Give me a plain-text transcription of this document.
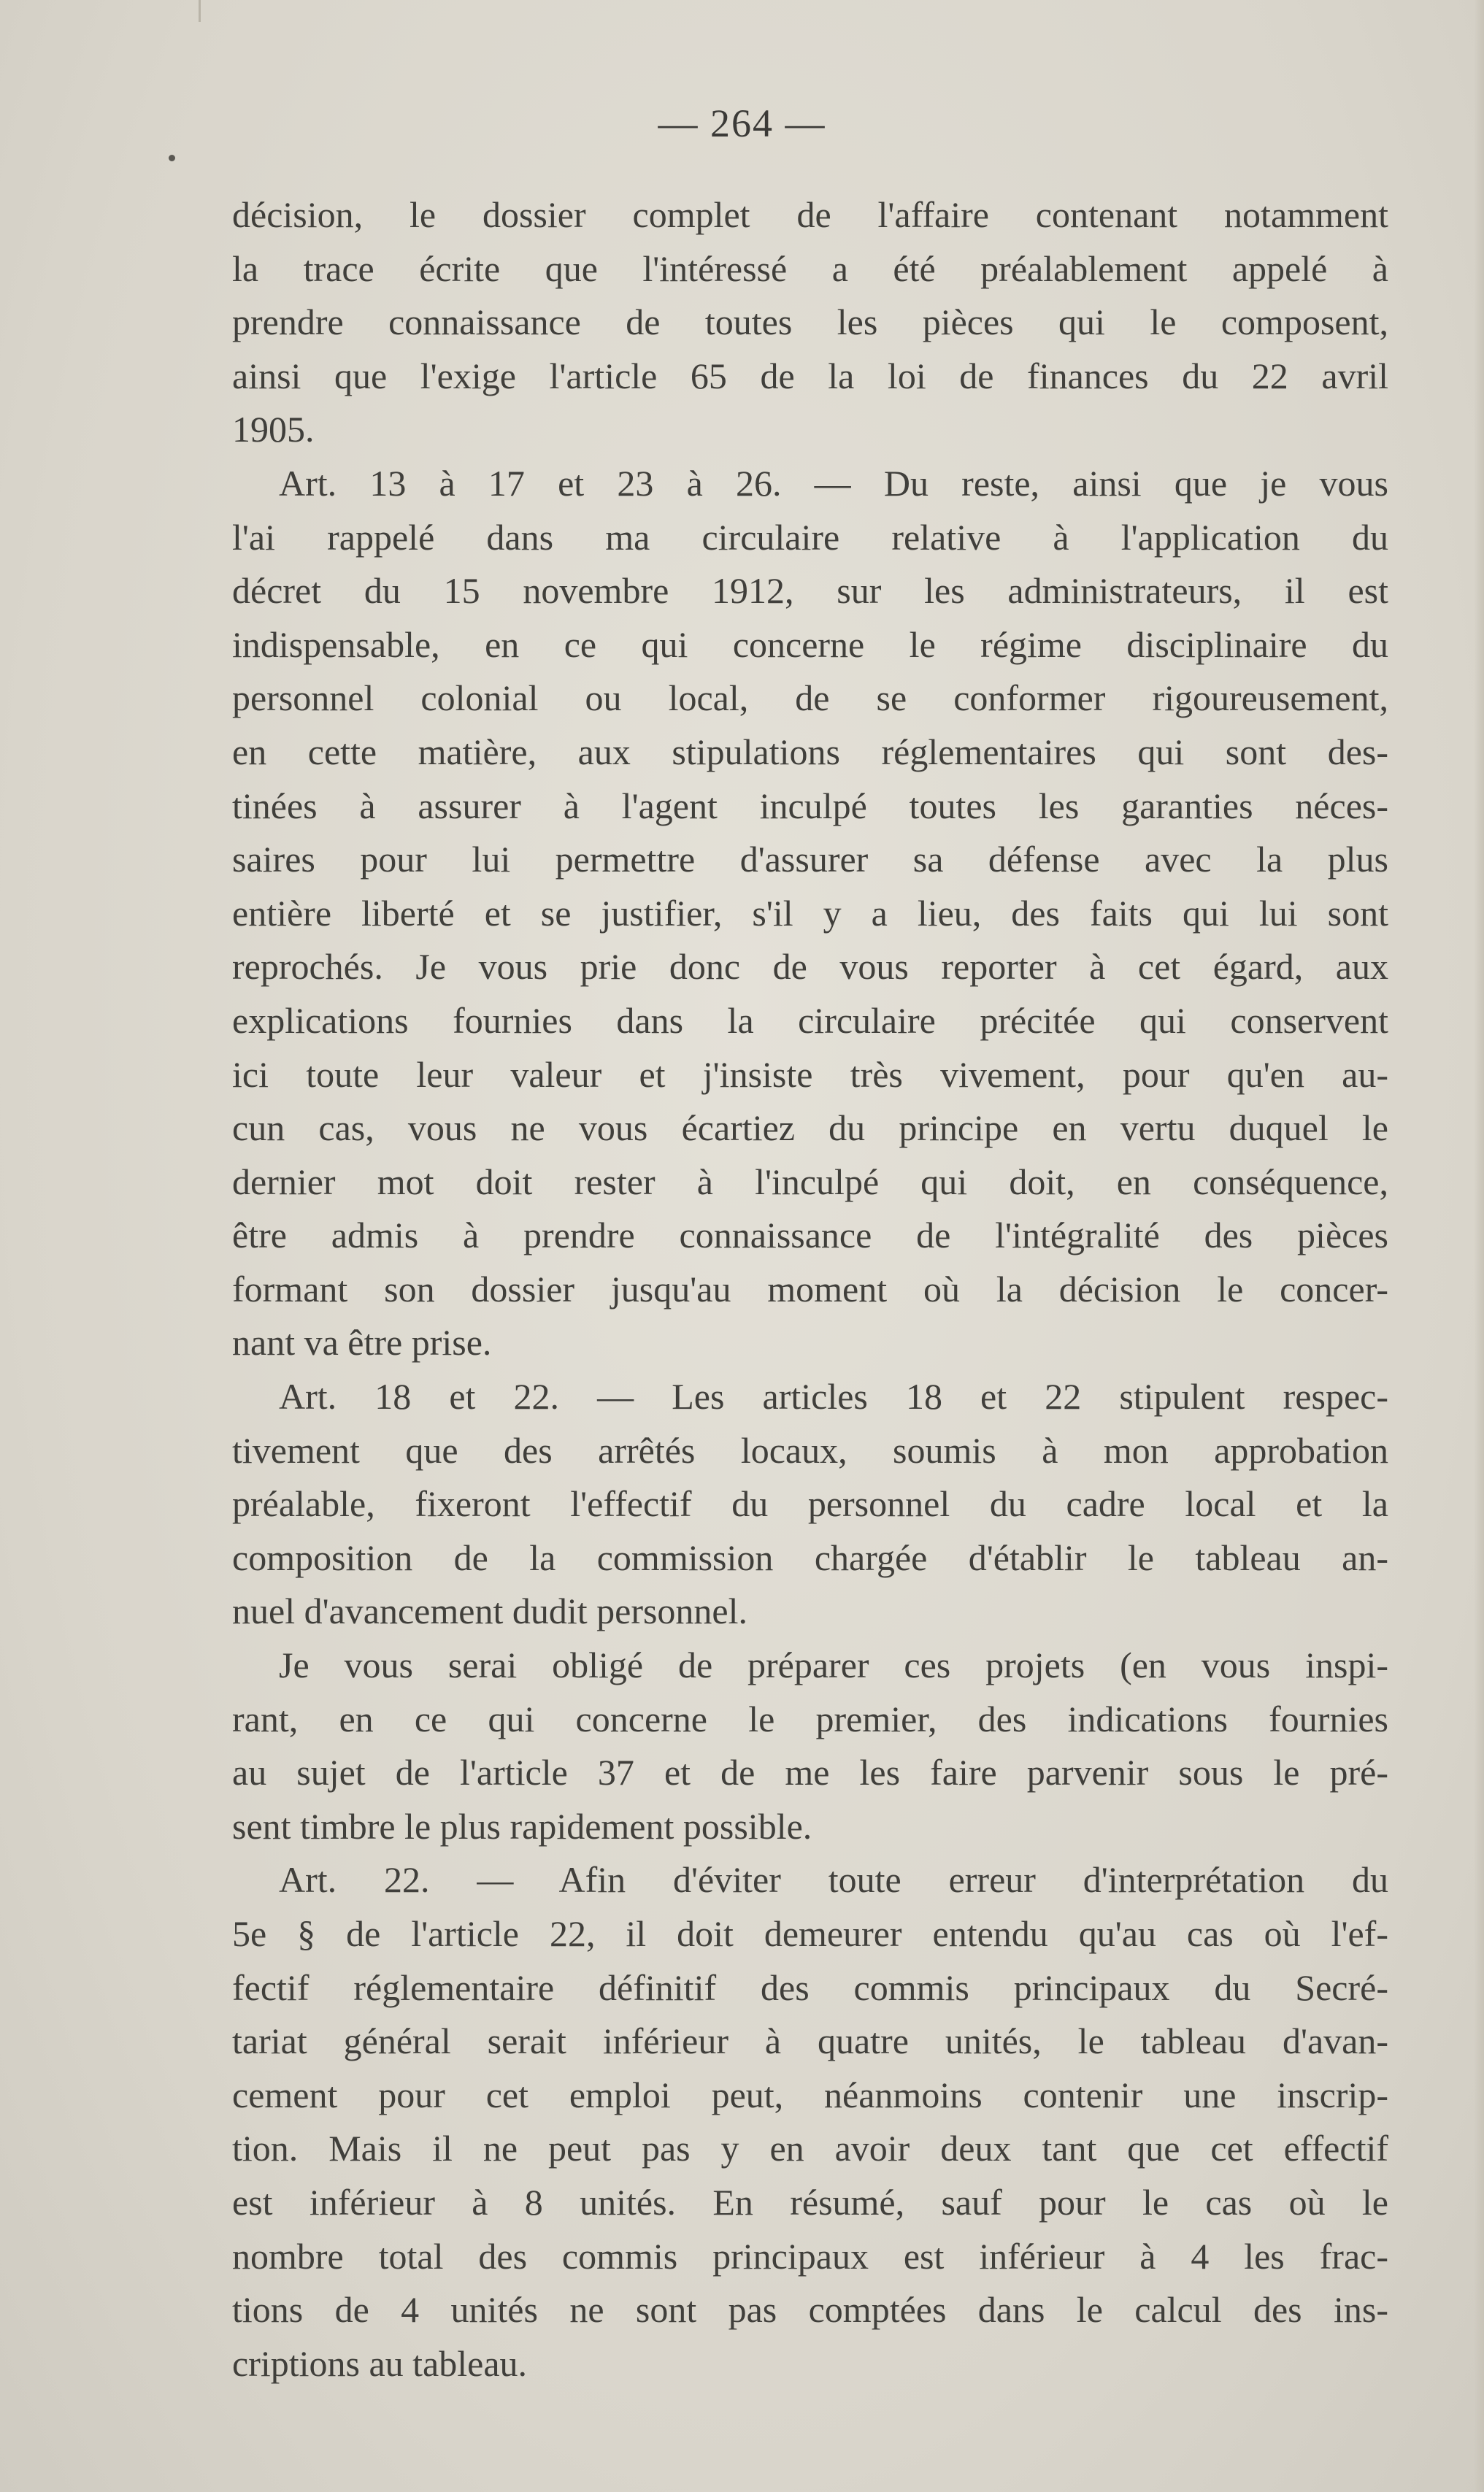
— 264 —
décision, le dossier complet de l'affaire contenant notamment
la trace écrite que l'intéressé a été préalablement appelé à
prendre connaissance de toutes les pièces qui le composent,
ainsi que l'exige l'article 65 de la loi de finances du 22 avril
1905.
Art. 13 à 17 et 23 à 26. — Du reste, ainsi que je vous
l'ai rappelé dans ma circulaire relative à l'application du
décret du 15 novembre 1912, sur les administrateurs, il est
indispensable, en ce qui concerne le régime disciplinaire du
personnel colonial ou local, de se conformer rigoureusement,
en cette matière, aux stipulations réglementaires qui sont des-
tinées à assurer à l'agent inculpé toutes les garanties néces-
saires pour lui permettre d'assurer sa défense avec la plus
entière liberté et se justifier, s'il y a lieu, des faits qui lui sont
reprochés. Je vous prie donc de vous reporter à cet égard, aux
explications fournies dans la circulaire précitée qui conservent
ici toute leur valeur et j'insiste très vivement, pour qu'en au-
cun cas, vous ne vous écartiez du principe en vertu duquel le
dernier mot doit rester à l'inculpé qui doit, en conséquence,
être admis à prendre connaissance de l'intégralité des pièces
formant son dossier jusqu'au moment où la décision le concer-
nant va être prise.
Art. 18 et 22. — Les articles 18 et 22 stipulent respec-
tivement que des arrêtés locaux, soumis à mon approbation
préalable, fixeront l'effectif du personnel du cadre local et la
composition de la commission chargée d'établir le tableau an-
nuel d'avancement dudit personnel.
Je vous serai obligé de préparer ces projets (en vous inspi-
rant, en ce qui concerne le premier, des indications fournies
au sujet de l'article 37 et de me les faire parvenir sous le pré-
sent timbre le plus rapidement possible.
Art. 22. — Afin d'éviter toute erreur d'interprétation du
5e § de l'article 22, il doit demeurer entendu qu'au cas où l'ef-
fectif réglementaire définitif des commis principaux du Secré-
tariat général serait inférieur à quatre unités, le tableau d'avan-
cement pour cet emploi peut, néanmoins contenir une inscrip-
tion. Mais il ne peut pas y en avoir deux tant que cet effectif
est inférieur à 8 unités. En résumé, sauf pour le cas où le
nombre total des commis principaux est inférieur à 4 les frac-
tions de 4 unités ne sont pas comptées dans le calcul des ins-
criptions au tableau.
